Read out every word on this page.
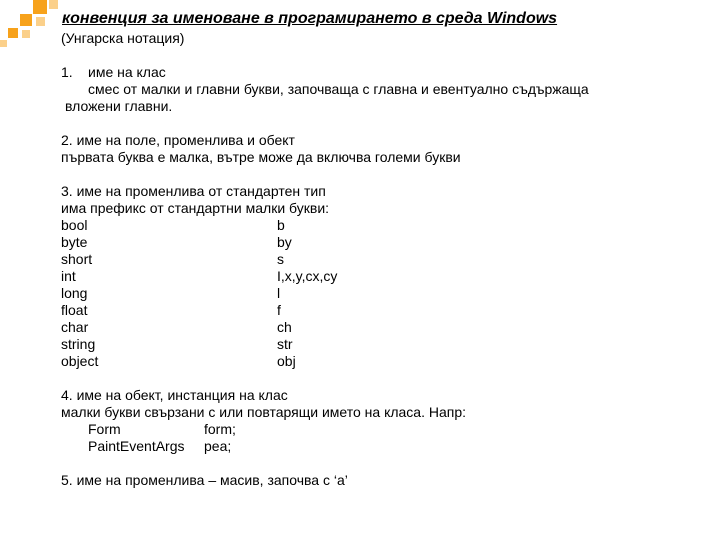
конвенция за именоване в програмирането в среда Windows
(Унгарска нотация)
1. име на клас
смес от малки и главни букви, започваща с главна и евентуално съдържаща
вложени главни.
2. име на поле, променлива и обект
първата буква е малка, вътре може да включва големи букви
3. име на променлива от стандартен тип
има префикс от стандартни малки букви:
bool	b
byte	by
short	s
int	I,x,y,cx,cy
long	l
float	f
char	ch
string	str
object	obj
4. име на обект, инстанция на клас
малки букви свързани с или повтарящи името на класа. Напр:
Form	form;
PaintEventArgs	pea;
5. име на променлива – масив, започва с ‘a’
